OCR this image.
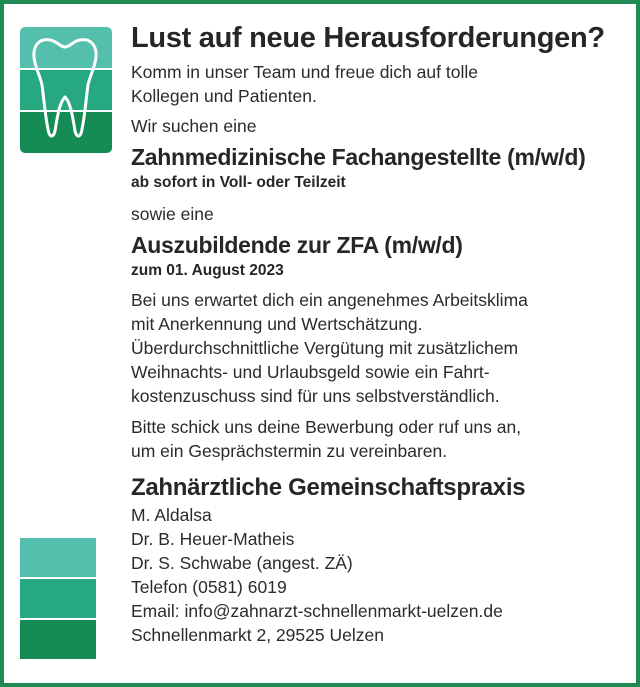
Lust auf neue Herausforderungen?
Komm in unser Team und freue dich auf tolle
Kollegen und Patienten.
Wir suchen eine
Zahnmedizinische Fachangestellte (m/w/d)
ab sofort in Voll- oder Teilzeit
sowie eine
Auszubildende zur ZFA (m/w/d)
zum 01. August 2023
Bei uns erwartet dich ein angenehmes Arbeitsklima
mit Anerkennung und Wertschätzung.
Überdurchschnittliche Vergütung mit zusätzlichem
Weihnachts- und Urlaubsgeld sowie ein Fahrt-
kostenzuschuss sind für uns selbstverständlich.
Bitte schick uns deine Bewerbung oder ruf uns an,
um ein Gesprächstermin zu vereinbaren.
Zahnärztliche Gemeinschaftspraxis
M. Aldalsa
Dr. B. Heuer-Matheis
Dr. S. Schwabe (angest. ZÄ)
Telefon (0581) 6019
Email: info@zahnarzt-schnellenmarkt-uelzen.de
Schnellenmarkt 2, 29525 Uelzen
